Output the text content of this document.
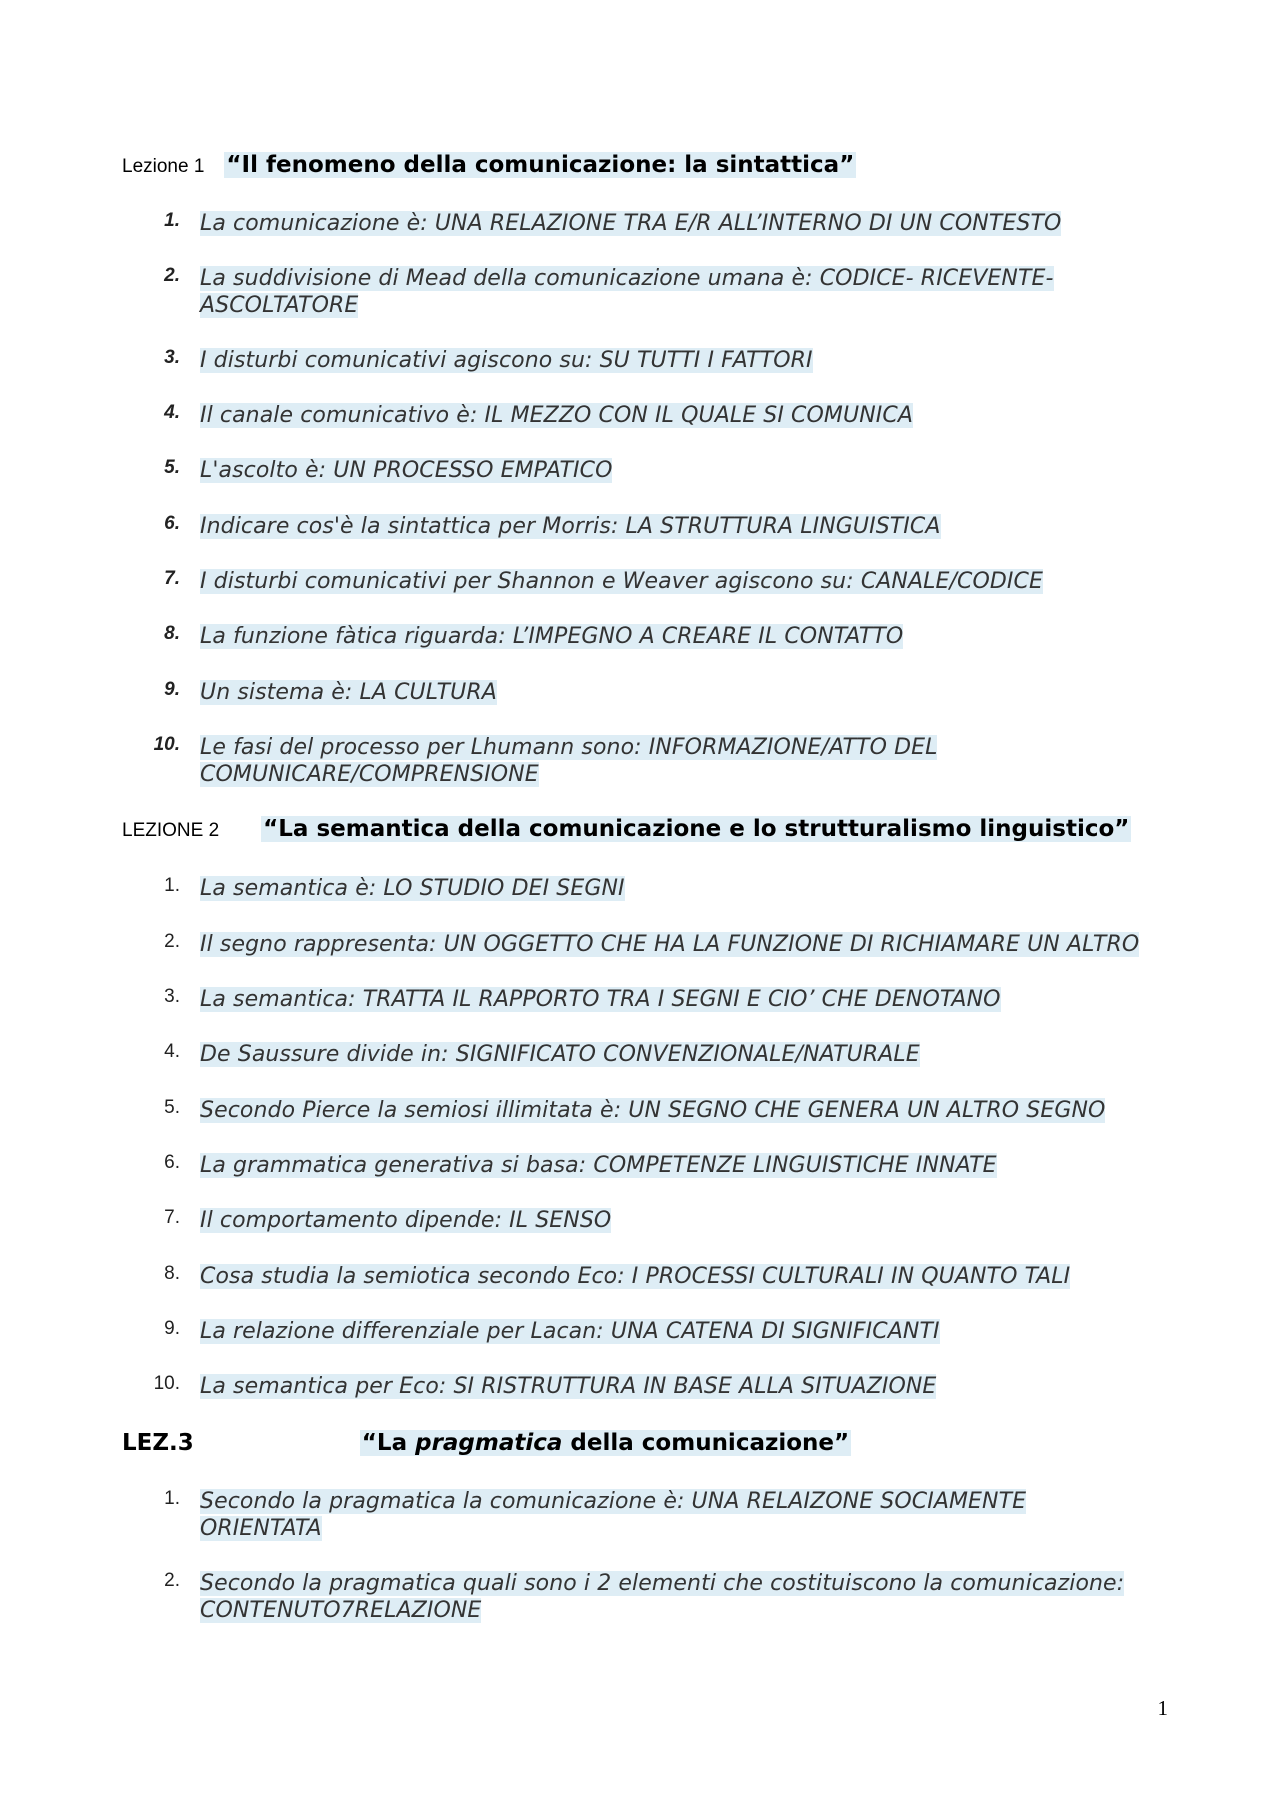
Lezione 1 “Il fenomeno della comunicazione: la sintattica”
1. La comunicazione è: UNA RELAZIONE TRA E/R ALL’INTERNO DI UN CONTESTO
2. La suddivisione di Mead della comunicazione umana è: CODICE- RICEVENTE-
ASCOLTATORE
3. I disturbi comunicativi agiscono su: SU TUTTI I FATTORI
4. Il canale comunicativo è: IL MEZZO CON IL QUALE SI COMUNICA
5. L'ascolto è: UN PROCESSO EMPATICO
6. Indicare cos'è la sintattica per Morris: LA STRUTTURA LINGUISTICA
7. I disturbi comunicativi per Shannon e Weaver agiscono su: CANALE/CODICE
8. La funzione fàtica riguarda: L’IMPEGNO A CREARE IL CONTATTO
9. Un sistema è: LA CULTURA
10. Le fasi del processo per Lhumann sono: INFORMAZIONE/ATTO DEL
COMUNICARE/COMPRENSIONE
LEZIONE 2 “La semantica della comunicazione e lo strutturalismo linguistico”
1. La semantica è: LO STUDIO DEI SEGNI
2. Il segno rappresenta: UN OGGETTO CHE HA LA FUNZIONE DI RICHIAMARE UN ALTRO
3. La semantica: TRATTA IL RAPPORTO TRA I SEGNI E CIO’ CHE DENOTANO
4. De Saussure divide in: SIGNIFICATO CONVENZIONALE/NATURALE
5. Secondo Pierce la semiosi illimitata è: UN SEGNO CHE GENERA UN ALTRO SEGNO
6. La grammatica generativa si basa: COMPETENZE LINGUISTICHE INNATE
7. Il comportamento dipende: IL SENSO
8. Cosa studia la semiotica secondo Eco: I PROCESSI CULTURALI IN QUANTO TALI
9. La relazione differenziale per Lacan: UNA CATENA DI SIGNIFICANTI
10. La semantica per Eco: SI RISTRUTTURA IN BASE ALLA SITUAZIONE
LEZ.3	“La pragmatica della comunicazione”
1. Secondo la pragmatica la comunicazione è: UNA RELAIZONE SOCIAMENTE
ORIENTATA
2. Secondo la pragmatica quali sono i 2 elementi che costituiscono la comunicazione:
CONTENUTO7RELAZIONE
1
